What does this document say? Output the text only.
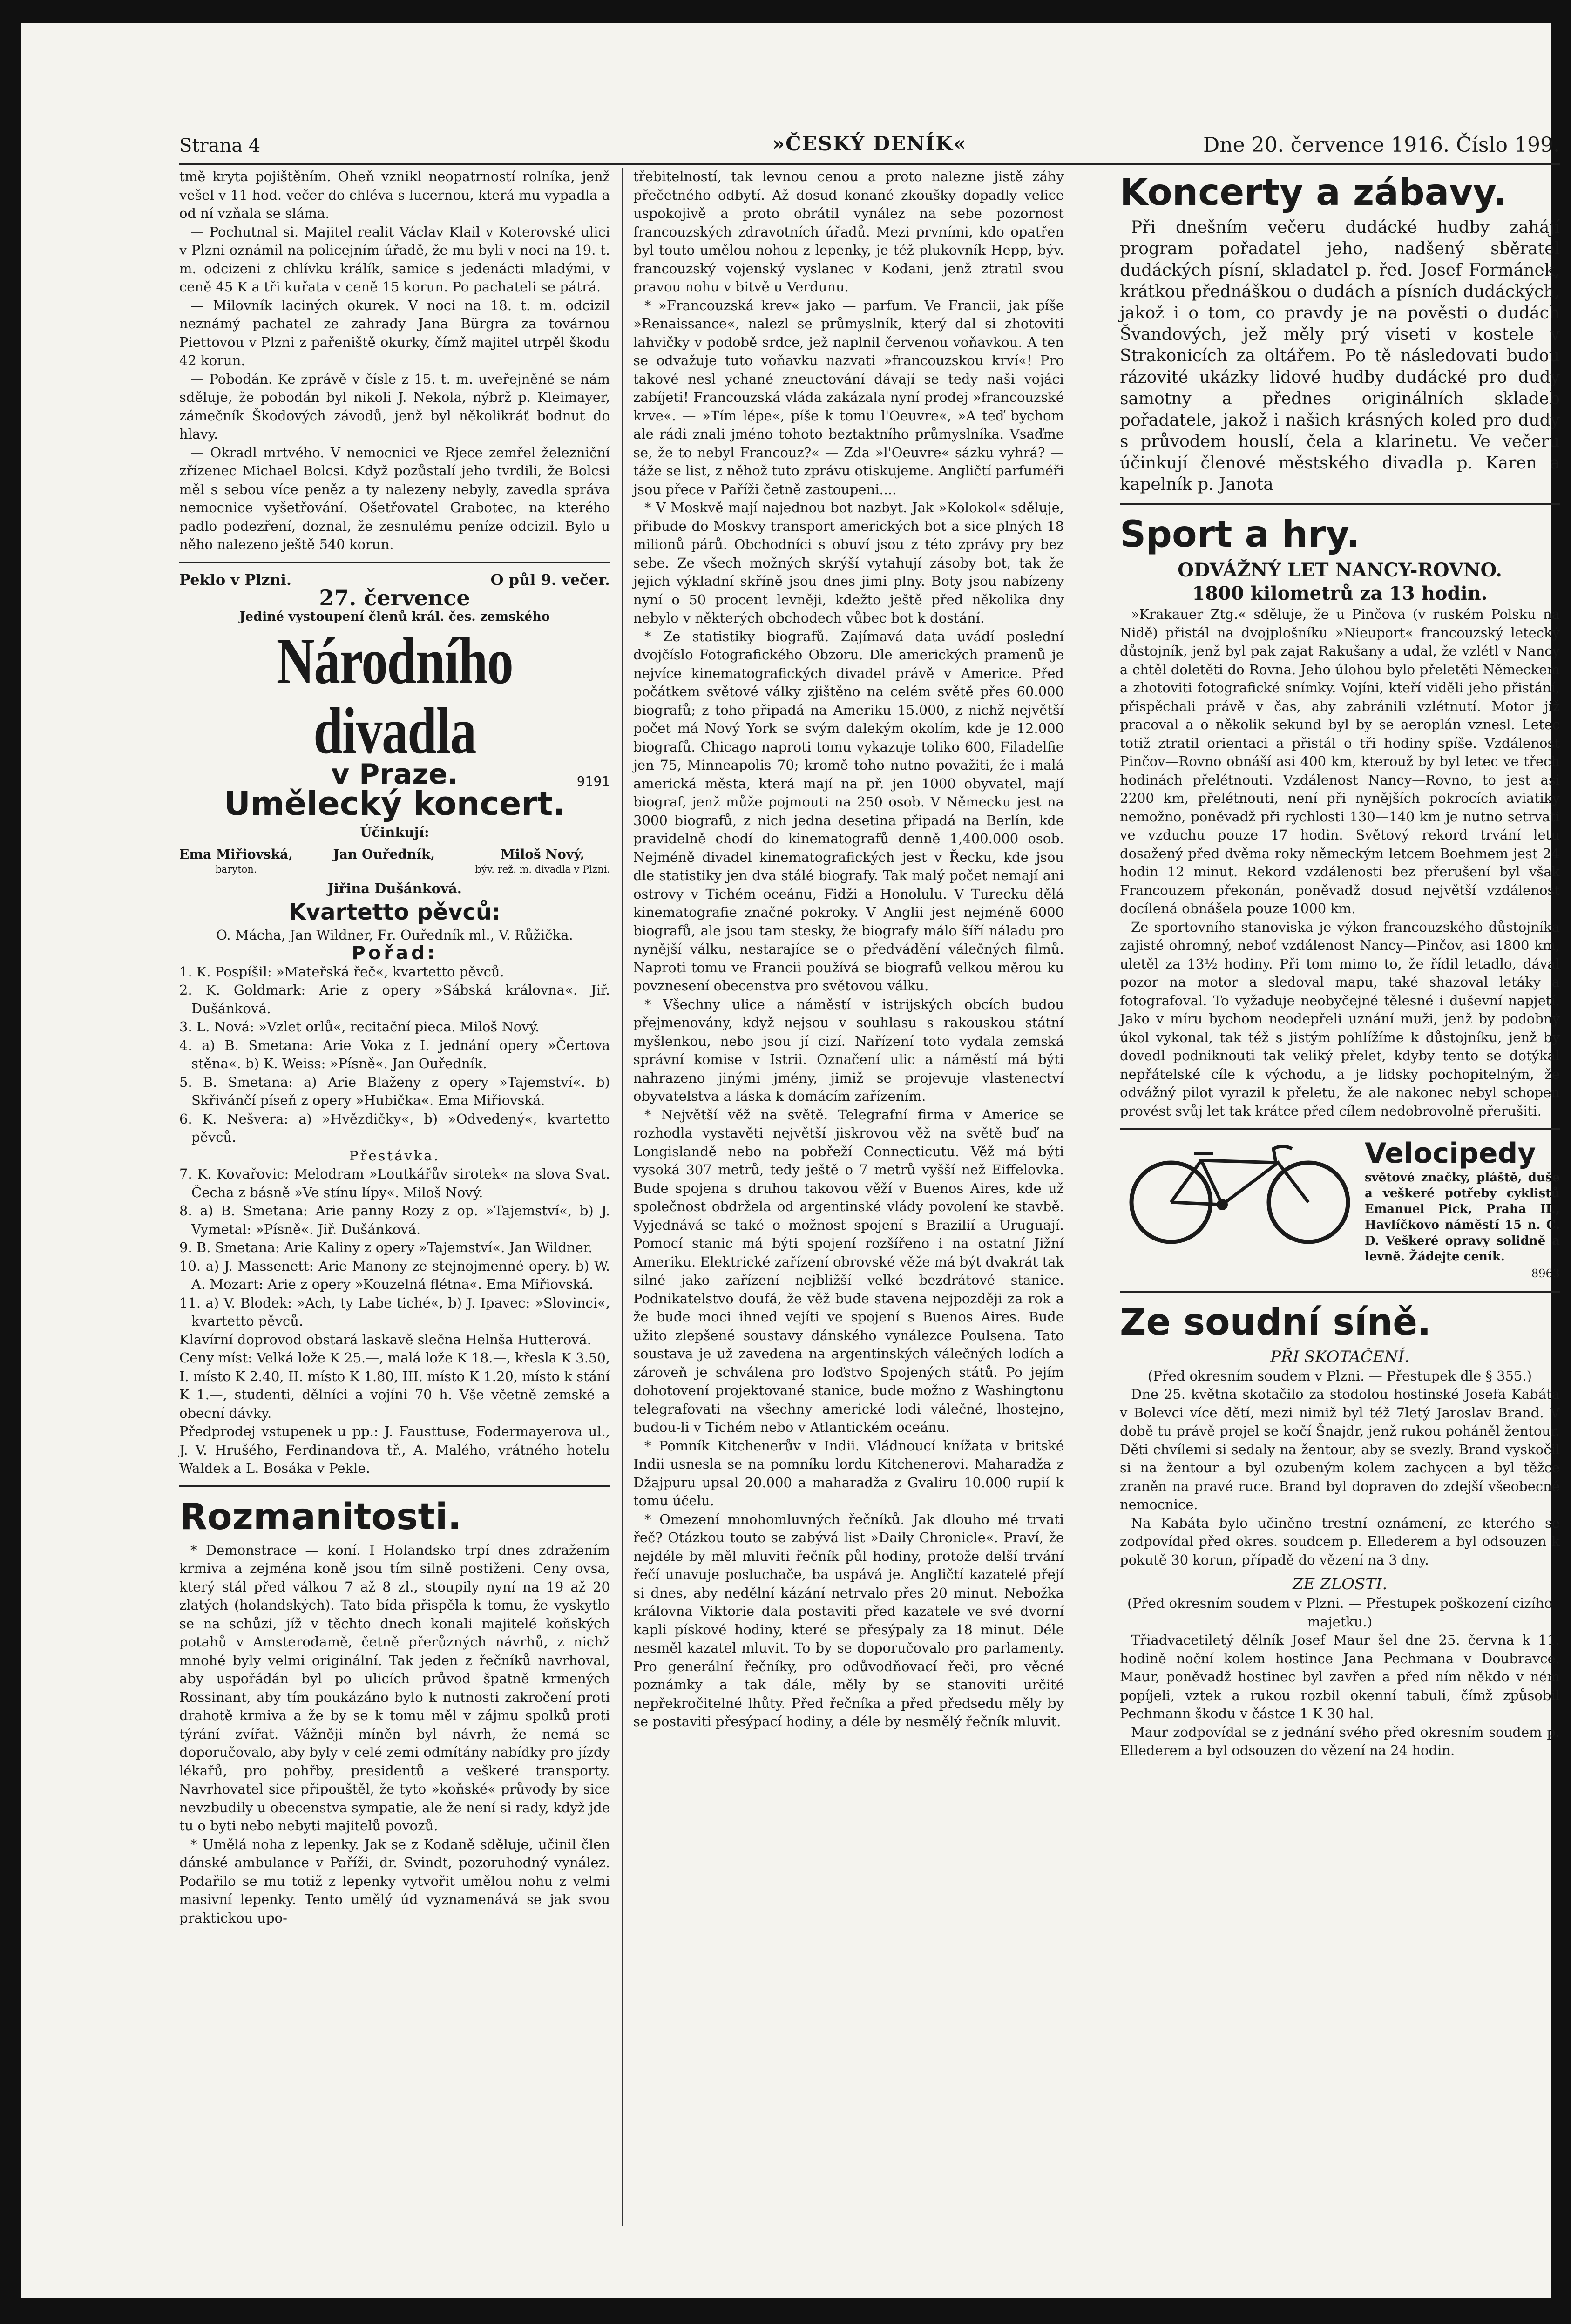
Strana 4	»ČESKÝ DENÍK«	Dne 20. července 1916. Číslo 199.

tmě kryta pojištěním. Oheň vznikl neopatrností rolníka, jenž vešel v 11 hod. večer do chléva s lucernou, která mu vypadla a od ní vzňala se sláma.

— Pochutnal si. Majitel realit Václav Klail v Koterovské ulici v Plzni oznámil na policejním úřadě, že mu byli v noci na 19. t. m. odcizeni z chlívku králík, samice s jedenácti mladými, v ceně 45 K a tři kuřata v ceně 15 korun. Po pachateli se pátrá.

— Milovník laciných okurek. V noci na 18. t. m. odcizil neznámý pachatel ze zahrady Jana Bürgra za továrnou Piettovou v Plzni z pařeniště okurky, čímž majitel utrpěl škodu 42 korun.

— Pobodán. Ke zprávě v čísle z 15. t. m. uveřejněné se nám sděluje, že pobodán byl nikoli J. Nekola, nýbrž p. Kleimayer, zámečník Škodových závodů, jenž byl několikráť bodnut do hlavy.

— Okradl mrtvého. V nemocnici ve Rjece zemřel železniční zřízenec Michael Bolcsi. Když pozůstalí jeho tvrdili, že Bolcsi měl s sebou více peněz a ty nalezeny nebyly, zavedla správa nemocnice vyšetřování. Ošetřovatel Grabotec, na kterého padlo podezření, doznal, že zesnulému peníze odcizil. Bylo u něho nalezeno ještě 540 korun.

Peklo v Plzni.	O půl 9. večer.

27. července

Jediné vystoupení členů král. čes. zemského

Národního divadla

v Praze.	9191

Umělecký koncert.

Účinkují:

Ema Miřiovská,
baryton.
Jan Ouředník,	Miloš Nový,
býv. rež. m. divadla v Plzni.

Jiřina Dušánková.

Kvartetto pěvců:

O. Mácha, Jan Wildner, Fr. Ouředník ml., V. Růžička.

Pořad:

1. K. Pospíšil: »Mateřská řeč«, kvartetto pěvců.

2. K. Goldmark: Arie z opery »Sábská královna«. Jiř. Dušánková.

3. L. Nová: »Vzlet orlů«, recitační pieca. Miloš Nový.

4. a) B. Smetana: Arie Voka z I. jednání opery »Čertova stěna«. b) K. Weiss: »Písně«. Jan Ouředník.

5. B. Smetana: a) Arie Blaženy z opery »Tajemství«. b) Skřivánčí píseň z opery »Hubička«. Ema Miřiovská.

6. K. Nešvera: a) »Hvězdičky«, b) »Odvedený«, kvartetto pěvců.

Přestávka.

7. K. Kovařovic: Melodram »Loutkářův sirotek« na slova Svat. Čecha z básně »Ve stínu lípy«. Miloš Nový.

8. a) B. Smetana: Arie panny Rozy z op. »Tajemství«, b) J. Vymetal: »Písně«. Jiř. Dušánková.

9. B. Smetana: Arie Kaliny z opery »Tajemství«. Jan Wildner.

10. a) J. Massenett: Arie Manony ze stejnojmenné opery. b) W. A. Mozart: Arie z opery »Kouzelná flétna«. Ema Miřiovská.

11. a) V. Blodek: »Ach, ty Labe tiché«, b) J. Ipavec: »Slovinci«, kvartetto pěvců.

Klavírní doprovod obstará laskavě slečna Helnša Hutterová.

Ceny míst: Velká lože K 25.—, malá lože K 18.—, křesla K 3.50, I. místo K 2.40, II. místo K 1.80, III. místo K 1.20, místo k stání K 1.—, studenti, dělníci a vojíni 70 h. Vše včetně zemské a obecní dávky.

Předprodej vstupenek u pp.: J. Fausttuse, Fodermayerova ul., J. V. Hrušého, Ferdinandova tř., A. Malého, vrátného hotelu Waldek a L. Bosáka v Pekle.

Rozmanitosti.

* Demonstrace — koní. I Holandsko trpí dnes zdražením krmiva a zejména koně jsou tím silně postiženi. Ceny ovsa, který stál před válkou 7 až 8 zl., stoupily nyní na 19 až 20 zlatých (holandských). Tato bída přispěla k tomu, že vyskytlo se na schůzi, jíž v těchto dnech konali majitelé koňských potahů v Amsterodamě, četně přerůzných návrhů, z nichž mnohé byly velmi originální. Tak jeden z řečníků navrhoval, aby uspořádán byl po ulicích průvod špatně krmených Rossinant, aby tím poukázáno bylo k nutnosti zakročení proti drahotě krmiva a že by se k tomu měl v zájmu spolků proti týrání zvířat. Vážněji míněn byl návrh, že nemá se doporučovalo, aby byly v celé zemi odmítány nabídky pro jízdy lékařů, pro pohřby, presidentů a veškeré transporty. Navrhovatel sice připouštěl, že tyto »koňské« průvody by sice nevzbudily u obecenstva sympatie, ale že není si rady, když jde tu o byti nebo nebyti majitelů povozů.

* Umělá noha z lepenky. Jak se z Kodaně sděluje, učinil člen dánské ambulance v Paříži, dr. Svindt, pozoruhodný vynález. Podařilo se mu totiž z lepenky vytvořit umělou nohu z velmi masivní lepenky. Tento umělý úd vyznamenává se jak svou praktickou upo-

třebitelností, tak levnou cenou a proto nalezne jistě záhy přečetného odbytí. Až dosud konané zkoušky dopadly velice uspokojivě a proto obrátil vynález na sebe pozornost francouzských zdravotních úřadů. Mezi prvními, kdo opatřen byl touto umělou nohou z lepenky, je též plukovník Hepp, býv. francouzský vojenský vyslanec v Kodani, jenž ztratil svou pravou nohu v bitvě u Verdunu.

* »Francouzská krev« jako — parfum. Ve Francii, jak píše »Renaissance«, nalezl se průmyslník, který dal si zhotoviti lahvičky v podobě srdce, jež naplnil červenou voňavkou. A ten se odvažuje tuto voňavku nazvati »francouzskou krví«! Pro takové nesl ychané zneuctování dávají se tedy naši vojáci zabíjeti! Francouzská vláda zakázala nyní prodej »francouzské krve«. — »Tím lépe«, píše k tomu l'Oeuvre«, »A teď bychom ale rádi znali jméno tohoto beztaktního průmyslníka. Vsaďme se, že to nebyl Francouz?« — Zda »l'Oeuvre« sázku vyhrá? — táže se list, z něhož tuto zprávu otiskujeme. Angličtí parfuméři jsou přece v Paříži četně zastoupeni....

* V Moskvě mají najednou bot nazbyt. Jak »Kolokol« sděluje, přibude do Moskvy transport amerických bot a sice plných 18 milionů párů. Obchodníci s obuví jsou z této zprávy pry bez sebe. Ze všech možných skrýší vytahují zásoby bot, tak že jejich výkladní skříně jsou dnes jimi plny. Boty jsou nabízeny nyní o 50 procent levněji, kdežto ještě před několika dny nebylo v některých obchodech vůbec bot k dostání.

* Ze statistiky biografů. Zajímavá data uvádí poslední dvojčíslo Fotografického Obzoru. Dle amerických pramenů je nejvíce kinematografických divadel právě v Americe. Před počátkem světové války zjištěno na celém světě přes 60.000 biografů; z toho připadá na Ameriku 15.000, z nichž největší počet má Nový York se svým dalekým okolím, kde je 12.000 biografů. Chicago naproti tomu vykazuje toliko 600, Filadelfie jen 75, Minneapolis 70; kromě toho nutno považiti, že i malá americká města, která mají na př. jen 1000 obyvatel, mají biograf, jenž může pojmouti na 250 osob. V Německu jest na 3000 biografů, z nich jedna desetina připadá na Berlín, kde pravidelně chodí do kinematografů denně 1,400.000 osob. Nejméně divadel kinematografických jest v Řecku, kde jsou dle statistiky jen dva stálé biografy. Tak malý počet nemají ani ostrovy v Tichém oceánu, Fidži a Honolulu. V Turecku dělá kinematografie značné pokroky. V Anglii jest nejméně 6000 biografů, ale jsou tam stesky, že biografy málo šíří náladu pro nynější válku, nestarajíce se o předvádění válečných filmů. Naproti tomu ve Francii používá se biografů velkou měrou ku povznesení obecenstva pro světovou válku.

* Všechny ulice a náměstí v istrijských obcích budou přejmenovány, když nejsou v souhlasu s rakouskou státní myšlenkou, nebo jsou jí cizí. Nařízení toto vydala zemská správní komise v Istrii. Označení ulic a náměstí má býti nahrazeno jinými jmény, jimiž se projevuje vlastenectví obyvatelstva a láska k domácím zařízením.

* Největší věž na světě. Telegrafní firma v Americe se rozhodla vystavěti největší jiskrovou věž na světě buď na Longislandě nebo na pobřeží Connecticutu. Věž má býti vysoká 307 metrů, tedy ještě o 7 metrů vyšší než Eiffelovka. Bude spojena s druhou takovou věží v Buenos Aires, kde už společnost obdržela od argentinské vlády povolení ke stavbě. Vyjednává se také o možnost spojení s Brazilií a Uruguají. Pomocí stanic má býti spojení rozšířeno i na ostatní Jižní Ameriku. Elektrické zařízení obrovské věže má být dvakrát tak silné jako zařízení nejbližší velké bezdrátové stanice. Podnikatelstvo doufá, že věž bude stavena nejpozději za rok a že bude moci ihned vejíti ve spojení s Buenos Aires. Bude užito zlepšené soustavy dánského vynálezce Poulsena. Tato soustava je už zavedena na argentinských válečných lodích a zároveň je schválena pro loďstvo Spojených států. Po jejím dohotovení projektované stanice, bude možno z Washingtonu telegrafovati na všechny americké lodi válečné, lhostejno, budou-li v Tichém nebo v Atlantickém oceánu.

* Pomník Kitchenerův v Indii. Vládnoucí knížata v britské Indii usnesla se na pomníku lordu Kitchenerovi. Maharadža z Džajpuru upsal 20.000 a maharadža z Gvaliru 10.000 rupií k tomu účelu.

* Omezení mnohomluvných řečníků. Jak dlouho mé trvati řeč? Otázkou touto se zabývá list »Daily Chronicle«. Praví, že nejdéle by měl mluviti řečník půl hodiny, protože delší trvání řečí unavuje posluchače, ba uspává je. Angličtí kazatelé přejí si dnes, aby nedělní kázání netrvalo přes 20 minut. Nebožka královna Viktorie dala postaviti před kazatele ve své dvorní kapli pískové hodiny, které se přesýpaly za 18 minut. Déle nesměl kazatel mluvit. To by se doporučovalo pro parlamenty. Pro generální řečníky, pro odůvodňovací řeči, pro věcné poznámky a tak dále, měly by se stanoviti určité nepřekročitelné lhůty. Před řečníka a před předsedu měly by se postaviti přesýpací hodiny, a déle by nesmělý řečník mluvit.

Koncerty a zábavy.

Při dnešním večeru dudácké hudby zahájí program pořadatel jeho, nadšený sběratel dudáckých písní, skladatel p. řed. Josef Formánek, krátkou přednáškou o dudách a písních dudáckých, jakož i o tom, co pravdy je na pověsti o dudách Švandových, jež měly prý viseti v kostele v Strakonicích za oltářem. Po tě následovati budou rázovité ukázky lidové hudby dudácké pro dudy samotny a přednes originálních skladeb pořadatele, jakož i našich krásných koled pro dudy s průvodem houslí, čela a klarinetu. Ve večeru účinkují členové městského divadla p. Karen a kapelník p. Janota

Sport a hry.

ODVÁŽNÝ LET NANCY-ROVNO.

1800 kilometrů za 13 hodin.

»Krakauer Ztg.« sděluje, že u Pinčova (v ruském Polsku na Nidě) přistál na dvojplošníku »Nieuport« francouzský letecký důstojník, jenž byl pak zajat Rakušany a udal, že vzlétl v Nancy a chtěl doletěti do Rovna. Jeho úlohou bylo přeletěti Německem a zhotoviti fotografické snímky. Vojíni, kteří viděli jeho přistání, přispěchali právě v čas, aby zabránili vzlétnutí. Motor již pracoval a o několik sekund byl by se aeroplán vznesl. Letec totiž ztratil orientaci a přistál o tři hodiny spíše. Vzdálenost Pinčov—Rovno obnáší asi 400 km, kterouž by byl letec ve třech hodinách přelétnouti. Vzdálenost Nancy—Rovno, to jest asi 2200 km, přelétnouti, není při nynějších pokrocích aviatiky nemožno, poněvadž při rychlosti 130—140 km je nutno setrvati ve vzduchu pouze 17 hodin. Světový rekord trvání letu dosažený před dvěma roky německým letcem Boehmem jest 24 hodin 12 minut. Rekord vzdálenosti bez přerušení byl však Francouzem překonán, poněvadž dosud největší vzdálenost docílená obnášela pouze 1000 km.

Ze sportovního stanoviska je výkon francouzského důstojníka zajisté ohromný, neboť vzdálenost Nancy—Pinčov, asi 1800 km, uletěl za 13½ hodiny. Při tom mimo to, že řídil letadlo, dával pozor na motor a sledoval mapu, také shazoval letáky a fotografoval. To vyžaduje neobyčejné tělesné i duševní napjetí. Jako v míru bychom neodepřeli uznání muži, jenž by podobný úkol vykonal, tak též s jistým pohlížíme k důstojníku, jenž by dovedl podniknouti tak veliký přelet, kdyby tento se dotýkal nepřátelské cíle k východu, a je lidsky pochopitelným, že odvážný pilot vyrazil k přeletu, že ale nakonec nebyl schopen provést svůj let tak krátce před cílem nedobrovolně přerušiti.

Velocipedy

světové značky, pláště, duše a veškeré potřeby cyklistů Emanuel Pick, Praha II., Havlíčkovo náměstí 15 n. C. D. Veškeré opravy solidně a levně. Žádejte ceník.

8963

Ze soudní síně.

PŘI SKOTAČENÍ.

(Před okresním soudem v Plzni. — Přestupek dle § 355.)

Dne 25. května skotačilo za stodolou hostinské Josefa Kabáta v Bolevci více dětí, mezi nimiž byl též 7letý Jaroslav Brand. V době tu právě projel se kočí Šnajdr, jenž rukou poháněl žentour. Děti chvílemi si sedaly na žentour, aby se svezly. Brand vyskočil si na žentour a byl ozubeným kolem zachycen a byl těžce zraněn na pravé ruce. Brand byl dopraven do zdejší všeobecné nemocnice.

Na Kabáta bylo učiněno trestní oznámení, ze kterého se zodpovídal před okres. soudcem p. Ellederem a byl odsouzen k pokutě 30 korun, případě do vězení na 3 dny.

ZE ZLOSTI.

(Před okresním soudem v Plzni. — Přestupek poškození cizího majetku.)

Třiadvacetiletý dělník Josef Maur šel dne 25. června k 11. hodině noční kolem hostince Jana Pechmana v Doubravce. Maur, poněvadž hostinec byl zavřen a před ním někdo v ném popíjeli, vztek a rukou rozbil okenní tabuli, čímž způsobil Pechmann škodu v částce 1 K 30 hal.

Maur zodpovídal se z jednání svého před okresním soudem p. Ellederem a byl odsouzen do vězení na 24 hodin.
